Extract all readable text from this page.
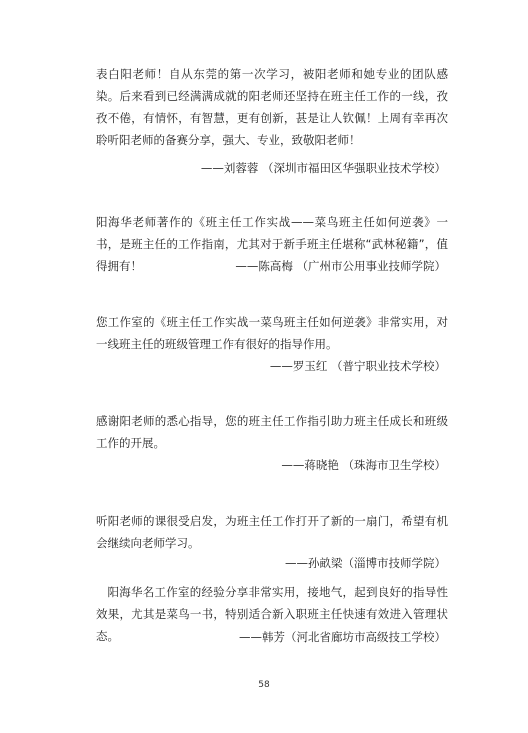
表白阳老师！自从东莞的第一次学习，被阳老师和她专业的团队感染。后来看到已经满满成就的阳老师还坚持在班主任工作的一线，孜孜不倦，有情怀，有智慧，更有创新，甚是让人钦佩！上周有幸再次聆听阳老师的备赛分享，强大、专业，致敬阳老师！

——刘蓉蓉 （深圳市福田区华强职业技术学校）

阳海华老师著作的《班主任工作实战——菜鸟班主任如何逆袭》一书，是班主任的工作指南，尤其对于新手班主任堪称“武林秘籍”，值得拥有！	——陈高梅 （广州市公用事业技师学院）

您工作室的《班主任工作实战一菜鸟班主任如何逆袭》非常实用，对一线班主任的班级管理工作有很好的指导作用。

——罗玉红 （普宁职业技术学校）

感谢阳老师的悉心指导，您的班主任工作指引助力班主任成长和班级工作的开展。

——蒋晓艳 （珠海市卫生学校）

听阳老师的课很受启发，为班主任工作打开了新的一扇门，希望有机会继续向老师学习。

——孙畝梁（淄博市技师学院）

阳海华名工作室的经验分享非常实用，接地气，起到良好的指导性效果，尤其是菜鸟一书，特别适合新入职班主任快速有效进入管理状态。	——韩芳（河北省廊坊市高级技工学校）
58
